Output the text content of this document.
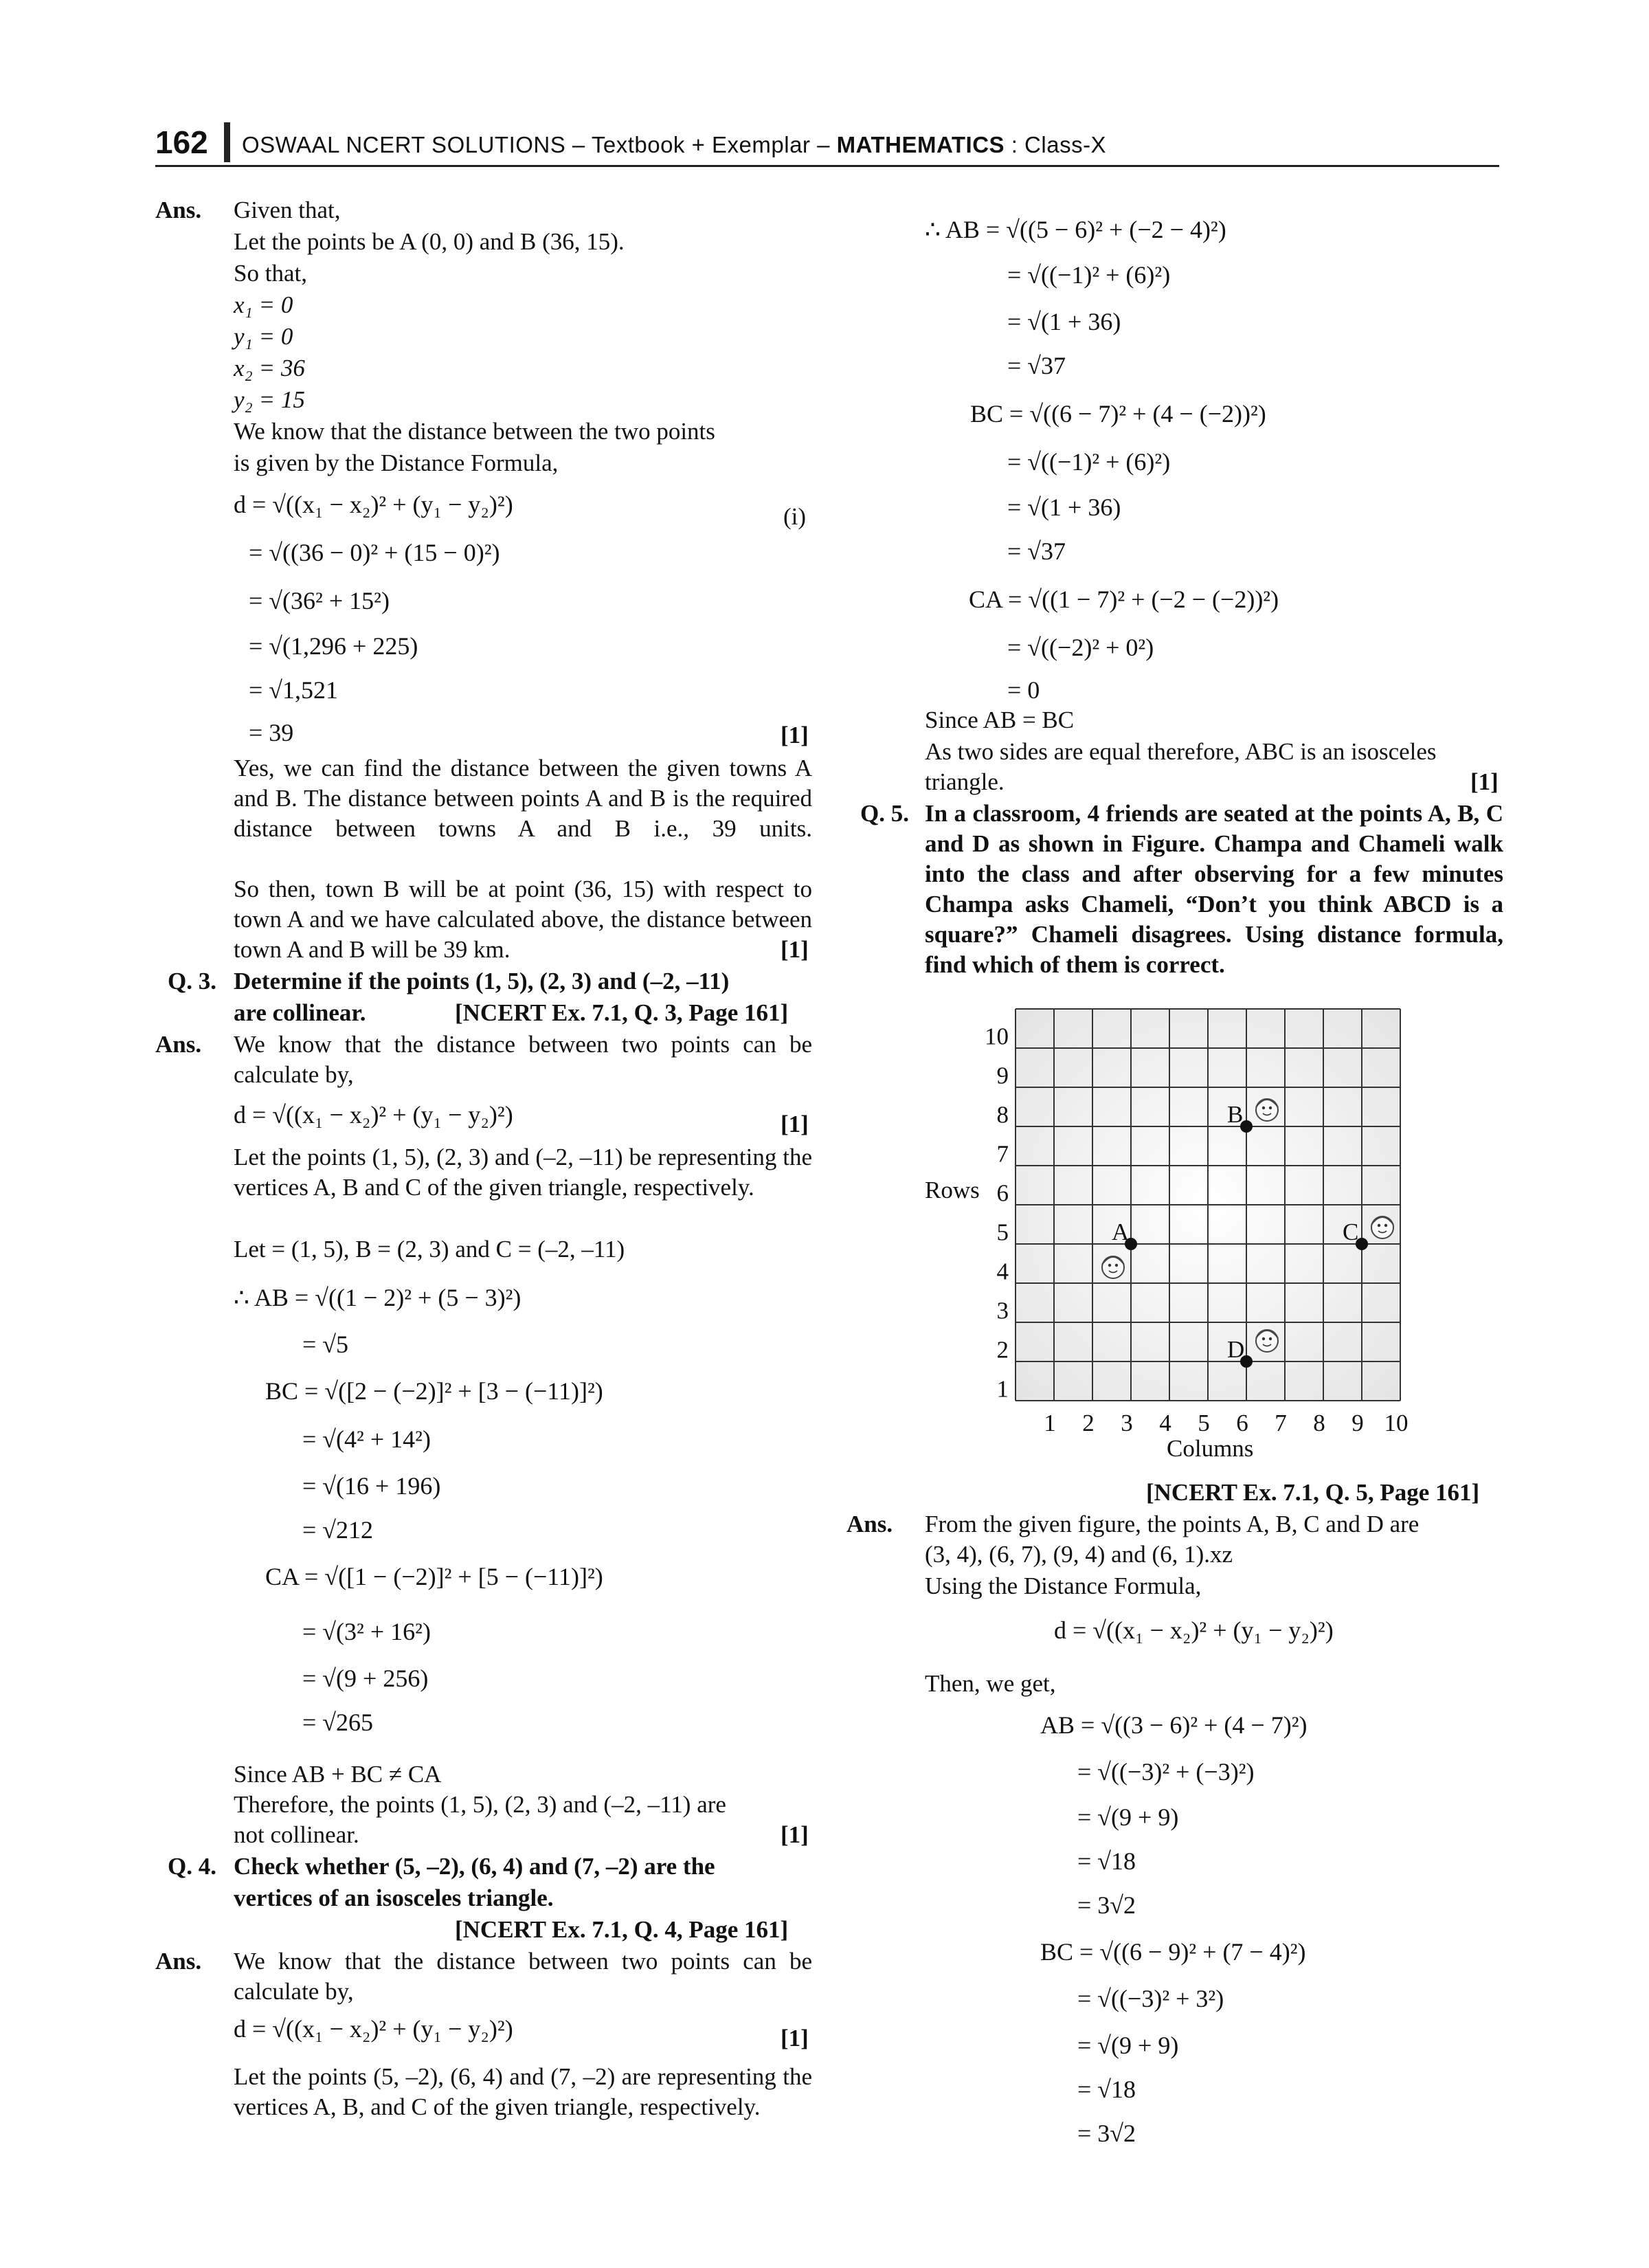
162 OSWAAL NCERT SOLUTIONS – Textbook + Exemplar – MATHEMATICS : Class-X
Ans. Given that,
Let the points be A (0, 0) and B (36, 15).
So that,
x₁ = 0
y₁ = 0
x₂ = 36
y₂ = 15
We know that the distance between the two points
is given by the Distance Formula,
d = √((x₁ − x₂)² + (y₁ − y₂)²)	(i)
= √((36 − 0)² + (15 − 0)²)
= √(36² + 15²)
= √(1,296 + 225)
= √1,521
= 39	[1]
Yes, we can find the distance between the given towns A and B. The distance between points A and B is the required distance between towns A and B i.e., 39 units.
So then, town B will be at point (36, 15) with respect to town A and we have calculated above, the distance between town A and B will be 39 km.	[1]
Q. 3. Determine if the points (1, 5), (2, 3) and (–2, –11)
are collinear.	[NCERT Ex. 7.1, Q. 3, Page 161]
Ans. We know that the distance between two points can be calculate by,
d = √((x₁ − x₂)² + (y₁ − y₂)²)	[1]
Let the points (1, 5), (2, 3) and (–2, –11) be representing the vertices A, B and C of the given triangle, respectively.
Let = (1, 5), B = (2, 3) and C = (–2, –11)
∴ AB = √((1 − 2)² + (5 − 3)²)
= √5
BC = √([2 − (−2)]² + [3 − (−11)]²)
= √(4² + 14²)
= √(16 + 196)
= √212
CA = √([1 − (−2)]² + [5 − (−11)]²)
= √(3² + 16²)
= √(9 + 256)
= √265
Since AB + BC ≠ CA
Therefore, the points (1, 5), (2, 3) and (–2, –11) are
not collinear.	[1]
Q. 4. Check whether (5, –2), (6, 4) and (7, –2) are the
vertices of an isosceles triangle.
[NCERT Ex. 7.1, Q. 4, Page 161]
Ans. We know that the distance between two points can be calculate by,
d = √((x₁ − x₂)² + (y₁ − y₂)²)	[1]
Let the points (5, –2), (6, 4) and (7, –2) are representing the vertices A, B, and C of the given triangle, respectively.
∴ AB = √((5 − 6)² + (−2 − 4)²)
= √((−1)² + (6)²)
= √(1 + 36)
= √37
BC = √((6 − 7)² + (4 − (−2))²)
= √((−1)² + (6)²)
= √(1 + 36)
= √37
CA = √((1 − 7)² + (−2 − (−2))²)
= √((−2)² + 0²)
= 0
Since AB = BC
As two sides are equal therefore, ABC is an isosceles
triangle.	[1]
Q. 5. In a classroom, 4 friends are seated at the points A, B, C and D as shown in Figure. Champa and Chameli walk into the class and after observing for a few minutes Champa asks Chameli, “Don’t you think ABCD is a square?” Chameli disagrees. Using distance formula, find which of them is correct.
1 2 3 4 5 6 7 8 9 10
1
2
3
4
5
6
7
8
9
10
A
B
C
D
Rows
Columns
[NCERT Ex. 7.1, Q. 5, Page 161]
Ans. From the given figure, the points A, B, C and D are
(3, 4), (6, 7), (9, 4) and (6, 1).xz
Using the Distance Formula,
d = √((x₁ − x₂)² + (y₁ − y₂)²)
Then, we get,
AB = √((3 − 6)² + (4 − 7)²)
= √((−3)² + (−3)²)
= √(9 + 9)
= √18
= 3√2
BC = √((6 − 9)² + (7 − 4)²)
= √((−3)² + 3²)
= √(9 + 9)
= √18
= 3√2
